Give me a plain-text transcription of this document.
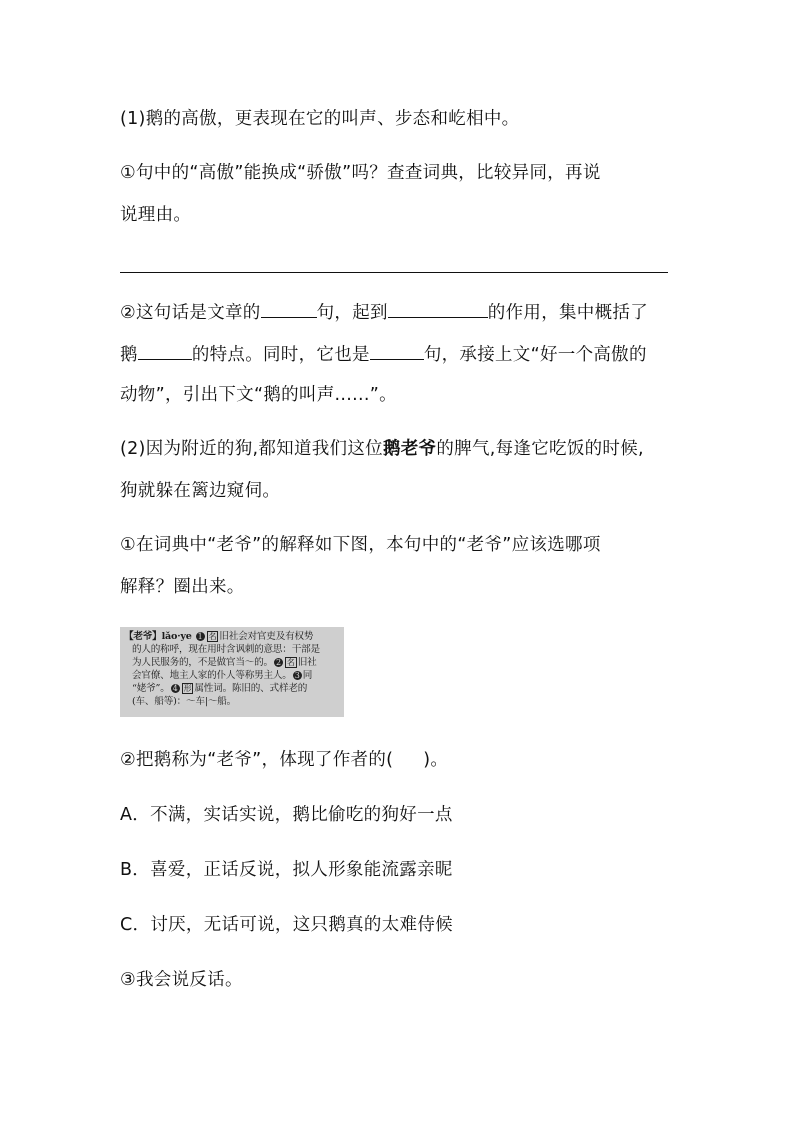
(1)鹅的高傲，更表现在它的叫声、步态和屹相中。
①句中的“高傲”能换成“骄傲”吗？查查词典，比较异同，再说
说理由。
②这句话是文章的	句，起到	的作用，集中概括了
鹅	的特点。同时，它也是	句，承接上文“好一个高傲的
动物”，引出下文“鹅的叫声......”。
(2)因为附近的狗,都知道我们这位鹅老爷的脾气,每逢它吃饭的时候,
狗就躲在篱边窥伺。
①在词典中“老爷”的解释如下图，本句中的“老爷”应该选哪项
解释？圈出来。
【老爷】lǎo·ye 1 名 旧社会对官吏及有权势
的人的称呼，现在用时含讽刺的意思：干部是
为人民服务的，不是做官当～的。 2 名 旧社
会官僚、地主人家的仆人等称男主人。 3 同
“姥爷”。 4 形 属性词。陈旧的、式样老的
(车、船等)：～车|～船。
②把鹅称为“老爷”，体现了作者的( )。
A．不满，实话实说，鹅比偷吃的狗好一点
B．喜爱，正话反说，拟人形象能流露亲昵
C．讨厌，无话可说，这只鹅真的太难侍候
③我会说反话。
